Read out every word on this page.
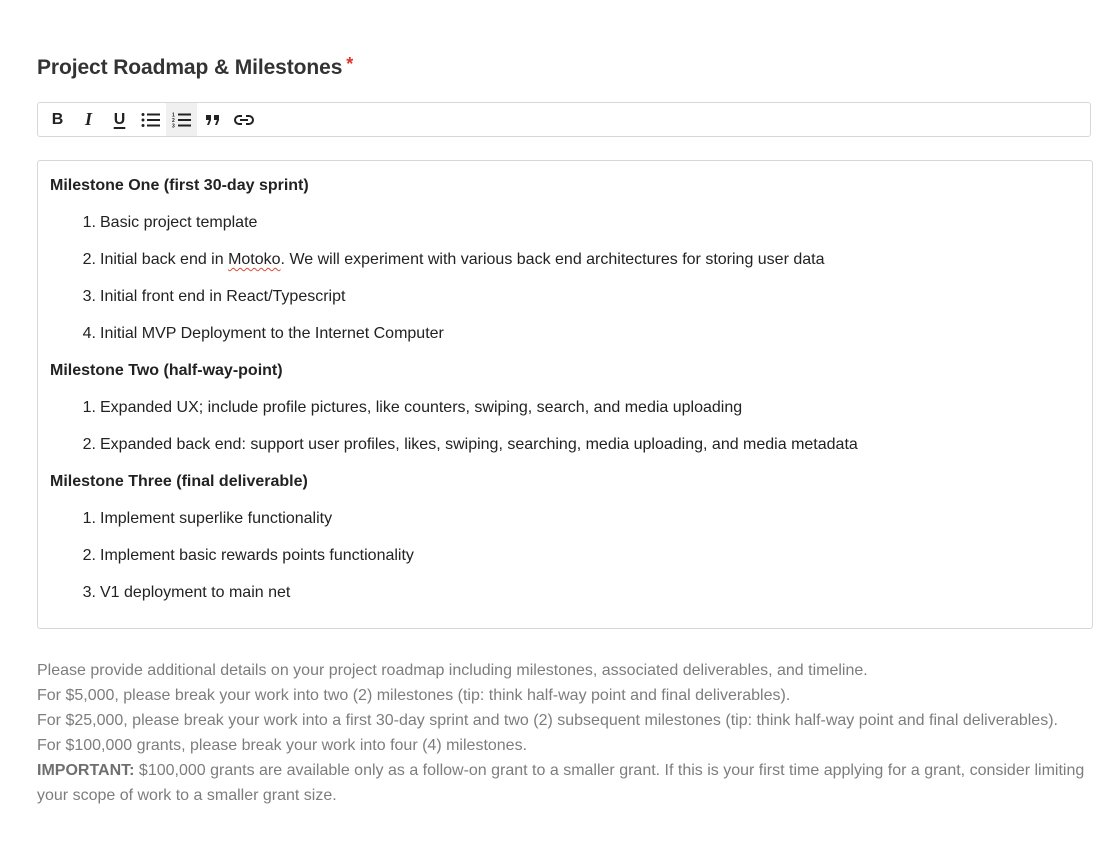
Project Roadmap & Milestones *
B I U	1
2
3

Milestone One (first 30-day sprint)

1. Basic project template
2. Initial back end in Motoko. We will experiment with various back end architectures for storing user data
3. Initial front end in React/Typescript
4. Initial MVP Deployment to the Internet Computer

Milestone Two (half-way-point)

1. Expanded UX; include profile pictures, like counters, swiping, search, and media uploading
2. Expanded back end: support user profiles, likes, swiping, searching, media uploading, and media metadata

Milestone Three (final deliverable)

1. Implement superlike functionality
2. Implement basic rewards points functionality
3. V1 deployment to main net

Please provide additional details on your project roadmap including milestones, associated deliverables, and timeline.

For $5,000, please break your work into two (2) milestones (tip: think half-way point and final deliverables).

For $25,000, please break your work into a first 30-day sprint and two (2) subsequent milestones (tip: think half-way point and final deliverables).

For $100,000 grants, please break your work into four (4) milestones.

IMPORTANT: $100,000 grants are available only as a follow-on grant to a smaller grant. If this is your first time applying for a grant, consider limiting your scope of work to a smaller grant size.
